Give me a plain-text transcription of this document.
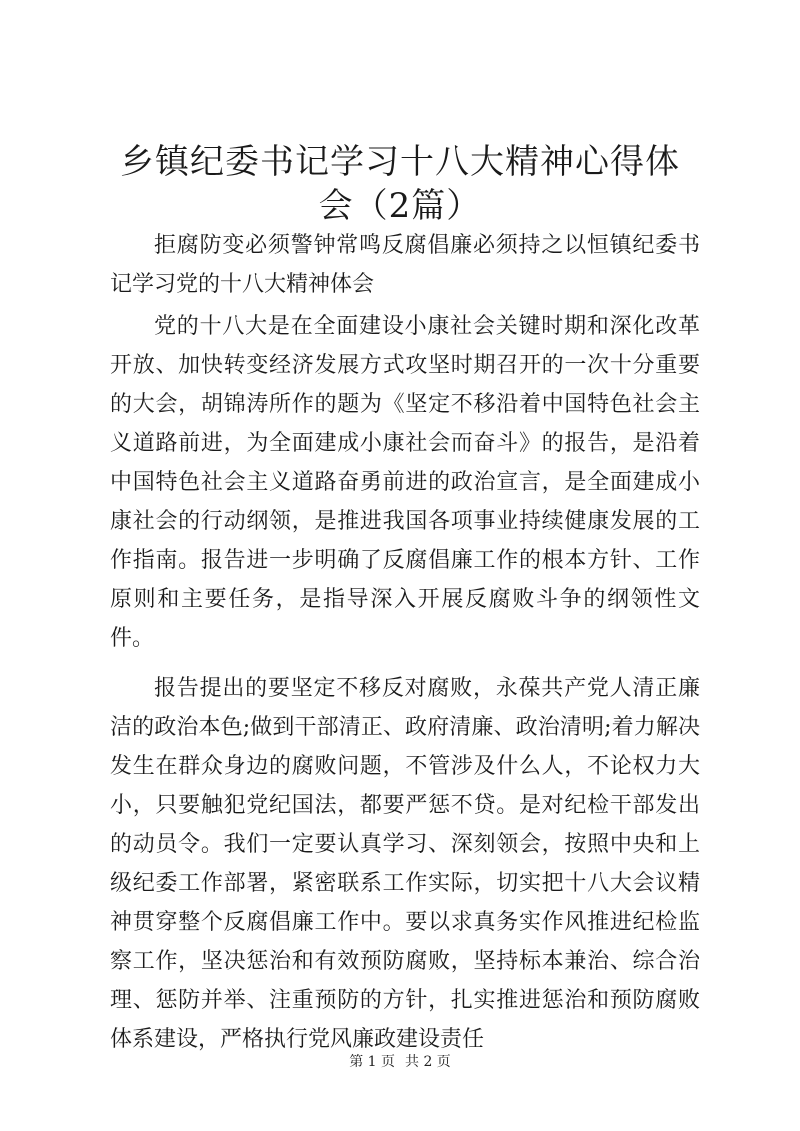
乡镇纪委书记学习十八大精神心得体会（2篇）

拒腐防变必须警钟常鸣反腐倡廉必须持之以恒镇纪委书记学习党的十八大精神体会

党的十八大是在全面建设小康社会关键时期和深化改革开放、加快转变经济发展方式攻坚时期召开的一次十分重要的大会，胡锦涛所作的题为《坚定不移沿着中国特色社会主义道路前进，为全面建成小康社会而奋斗》的报告，是沿着中国特色社会主义道路奋勇前进的政治宣言，是全面建成小康社会的行动纲领，是推进我国各项事业持续健康发展的工作指南。报告进一步明确了反腐倡廉工作的根本方针、工作原则和主要任务，是指导深入开展反腐败斗争的纲领性文件。

报告提出的要坚定不移反对腐败，永葆共产党人清正廉洁的政治本色;做到干部清正、政府清廉、政治清明;着力解决发生在群众身边的腐败问题，不管涉及什么人，不论权力大小，只要触犯党纪国法，都要严惩不贷。是对纪检干部发出的动员令。我们一定要认真学习、深刻领会，按照中央和上级纪委工作部署，紧密联系工作实际，切实把十八大会议精神贯穿整个反腐倡廉工作中。要以求真务实作风推进纪检监察工作，坚决惩治和有效预防腐败，坚持标本兼治、综合治理、惩防并举、注重预防的方针，扎实推进惩治和预防腐败体系建设，严格执行党风廉政建设责任

第 1 页 共 2 页
